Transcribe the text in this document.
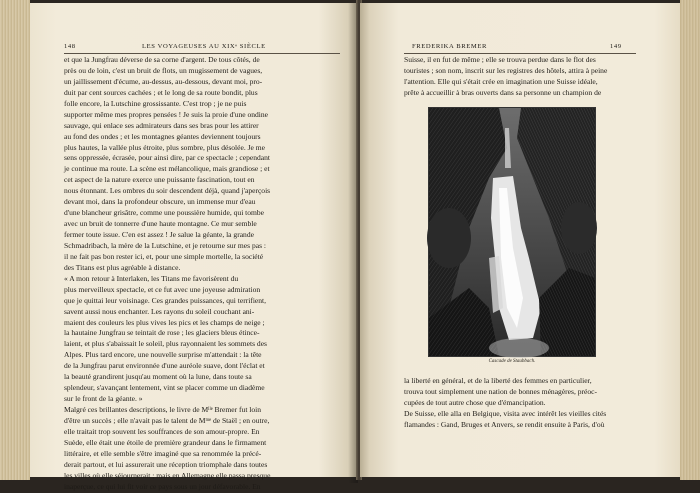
148	LES VOYAGEUSES AU XIXᵉ SIÈCLE
et que la Jungfrau déverse de sa corne d'argent. De tous côtés, de
près ou de loin, c'est un bruit de flots, un mugissement de vagues,
un jaillissement d'écume, au-dessus, au-dessous, devant moi, pro-
duit par cent sources cachées ; et le long de sa route bondit, plus
folle encore, la Lutschine grossissante. C'est trop ; je ne puis
supporter même mes propres pensées ! Je suis la proie d'une ondine
sauvage, qui enlace ses admirateurs dans ses bras pour les attirer
au fond des ondes ; et les montagnes géantes deviennent toujours
plus hautes, la vallée plus étroite, plus sombre, plus désolée. Je me
sens oppressée, écrasée, pour ainsi dire, par ce spectacle ; cependant
je continue ma route. La scène est mélancolique, mais grandiose ; et
cet aspect de la nature exerce une puissante fascination, tout en
nous étonnant. Les ombres du soir descendent déjà, quand j'aperçois
devant moi, dans la profondeur obscure, un immense mur d'eau
d'une blancheur grisâtre, comme une poussière humide, qui tombe
avec un bruit de tonnerre d'une haute montagne. Ce mur semble
fermer toute issue. C'en est assez ! Je salue la géante, la grande
Schmadribach, la mère de la Lutschine, et je retourne sur mes pas :
il ne fait pas bon rester ici, et, pour une simple mortelle, la société
des Titans est plus agréable à distance.
« A mon retour à Interlaken, les Titans me favorisèrent du
plus merveilleux spectacle, et ce fut avec une joyeuse admiration
que je quittai leur voisinage. Ces grandes puissances, qui terrifient,
savent aussi nous enchanter. Les rayons du soleil couchant ani-
maient des couleurs les plus vives les pics et les champs de neige ;
la hautaine Jungfrau se teintait de rose ; les glaciers bleus étince-
laient, et plus s'abaissait le soleil, plus rayonnaient les sommets des
Alpes. Plus tard encore, une nouvelle surprise m'attendait : la tête
de la Jungfrau parut environnée d'une auréole suave, dont l'éclat et
la beauté grandirent jusqu'au moment où la lune, dans toute sa
splendeur, s'avançant lentement, vint se placer comme un diadème
sur le front de la géante. »
Malgré ces brillantes descriptions, le livre de Mˡˡᵉ Bremer fut loin
d'être un succès ; elle n'avait pas le talent de Mᵐᵉ de Staël ; en outre,
elle traitait trop souvent les souffrances de son amour-propre. En
Suède, elle était une étoile de première grandeur dans le firmament
littéraire, et elle semble s'être imaginé que sa renommée la précé-
derait partout, et lui assurerait une réception triomphale dans toutes
les villes où elle séjournerait ; mais en Allemagne elle passa presque
inaperçue, ce qui lui fit voir ce pays sous un jour défavorable. En
FREDERIKA BREMER	149
Suisse, il en fut de même ; elle se trouva perdue dans le flot des
touristes ; son nom, inscrit sur les registres des hôtels, attira à peine
l'attention. Elle qui s'était crée en imagination une Suisse idéale,
prête à accueillir à bras ouverts dans sa personne un champion de
Cascade de Staubbach.
la liberté en général, et de la liberté des femmes en particulier,
trouva tout simplement une nation de bonnes ménagères, préoc-
cupées de tout autre chose que d'émancipation.
De Suisse, elle alla en Belgique, visita avec intérêt les vieilles cités
flamandes : Gand, Bruges et Anvers, se rendit ensuite à Paris, d'où
